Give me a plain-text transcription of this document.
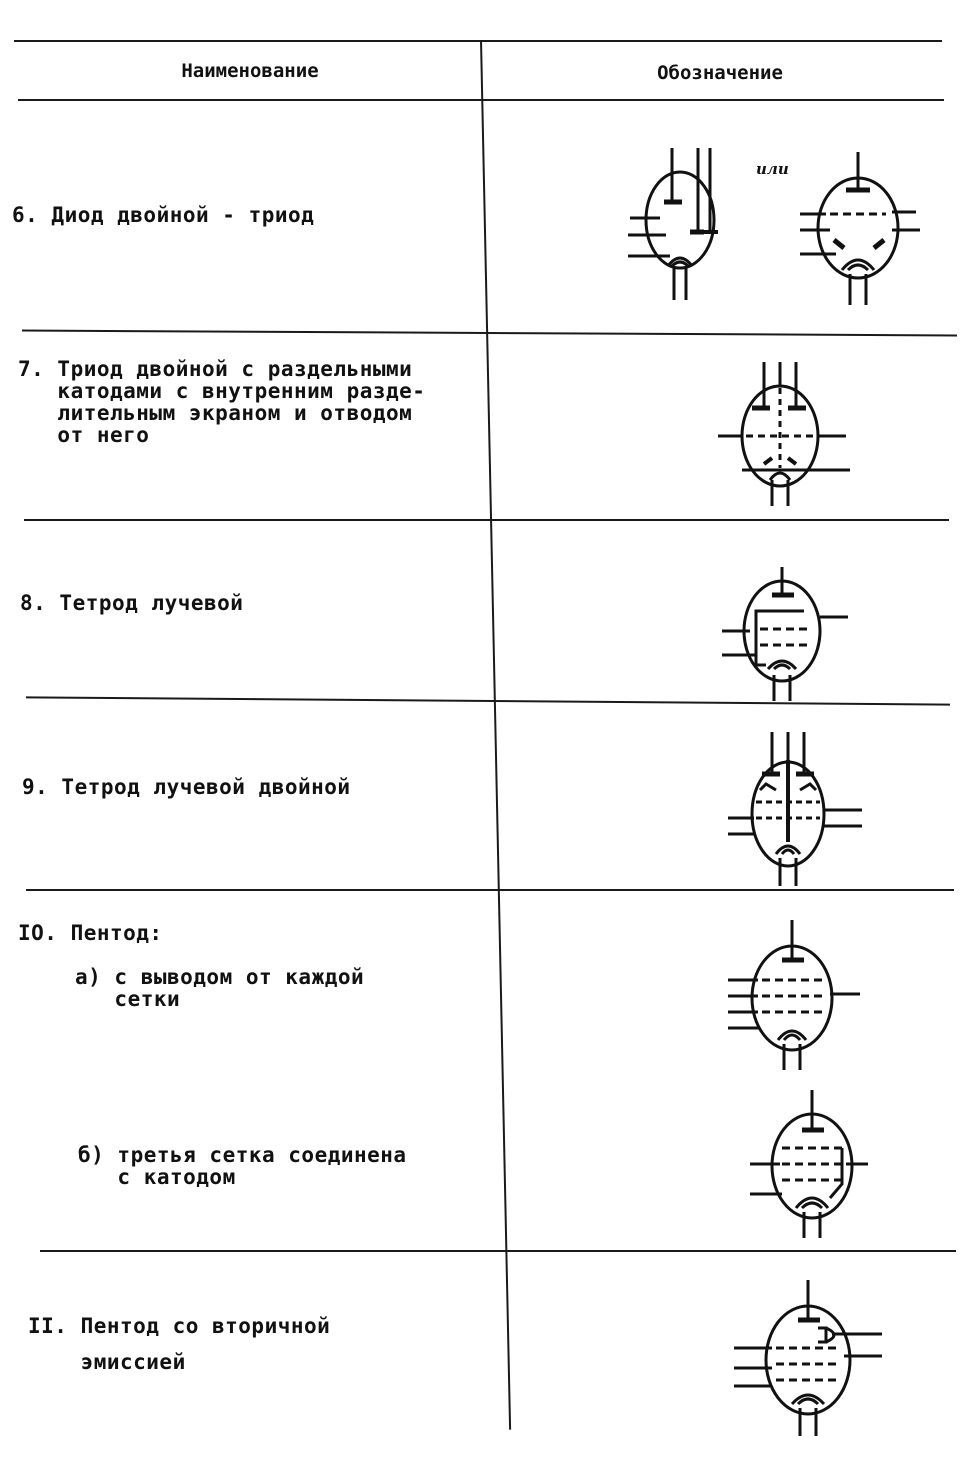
Наименование	Обозначение
6. Диод двойной - триод
7. Триод двойной с раздельными
катодами с внутренним разде-
лительным экраном и отводом
от него
8. Тетрод лучевой
9. Тетрод лучевой двойной
IO. Пентод:
а) с выводом от каждой
сетки
б) третья сетка соединена
с катодом
II. Пентод со вторичной
эмиссией
или
